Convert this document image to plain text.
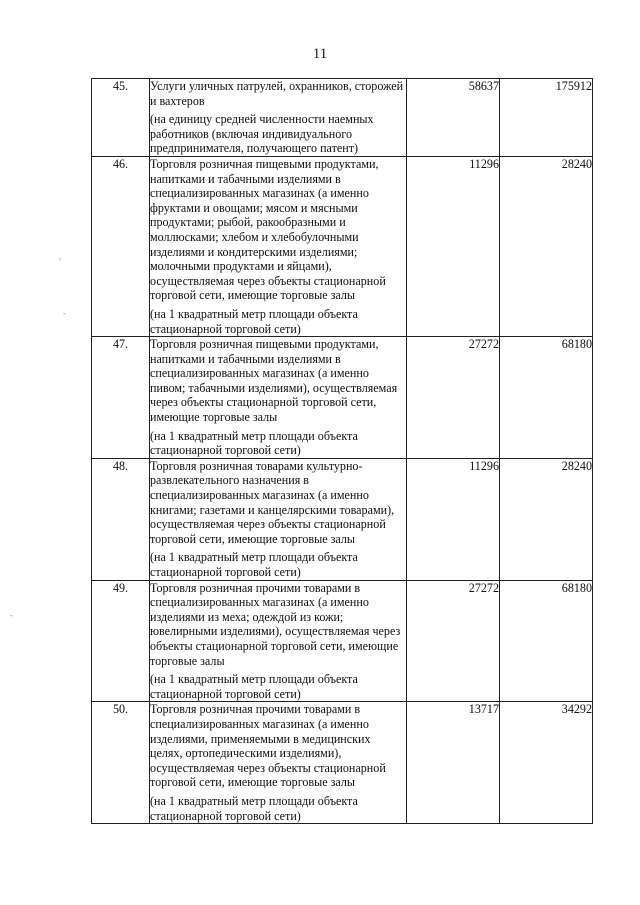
11
45.	Услуги уличных патрулей, охранников, сторожей и вахтеров
(на единицу средней численности наемных работников (включая индивидуального предпринимателя, получающего патент)	58637	175912
46.	Торговля розничная пищевыми продуктами, напитками и табачными изделиями в специализированных магазинах (а именно фруктами и овощами; мясом и мясными продуктами; рыбой, ракообразными и моллюсками; хлебом и хлебобулочными изделиями и кондитерскими изделиями; молочными продуктами и яйцами), осуществляемая через объекты стационарной торговой сети, имеющие торговые залы
(на 1 квадратный метр площади объекта стационарной торговой сети)	11296	28240
47.	Торговля розничная пищевыми продуктами, напитками и табачными изделиями в специализированных магазинах (а именно пивом; табачными изделиями), осуществляемая через объекты стационарной торговой сети, имеющие торговые залы
(на 1 квадратный метр площади объекта стационарной торговой сети)	27272	68180
48.	Торговля розничная товарами культурно-развлекательного назначения в специализированных магазинах (а именно книгами; газетами и канцелярскими товарами), осуществляемая через объекты стационарной торговой сети, имеющие торговые залы
(на 1 квадратный метр площади объекта стационарной торговой сети)	11296	28240
49.	Торговля розничная прочими товарами в специализированных магазинах (а именно изделиями из меха; одеждой из кожи; ювелирными изделиями), осуществляемая через объекты стационарной торговой сети, имеющие торговые залы
(на 1 квадратный метр площади объекта стационарной торговой сети)	27272	68180
50.	Торговля розничная прочими товарами в специализированных магазинах (а именно изделиями, применяемыми в медицинских целях, ортопедическими изделиями), осуществляемая через объекты стационарной торговой сети, имеющие торговые залы
(на 1 квадратный метр площади объекта стационарной торговой сети)	13717	34292
,
-
-
